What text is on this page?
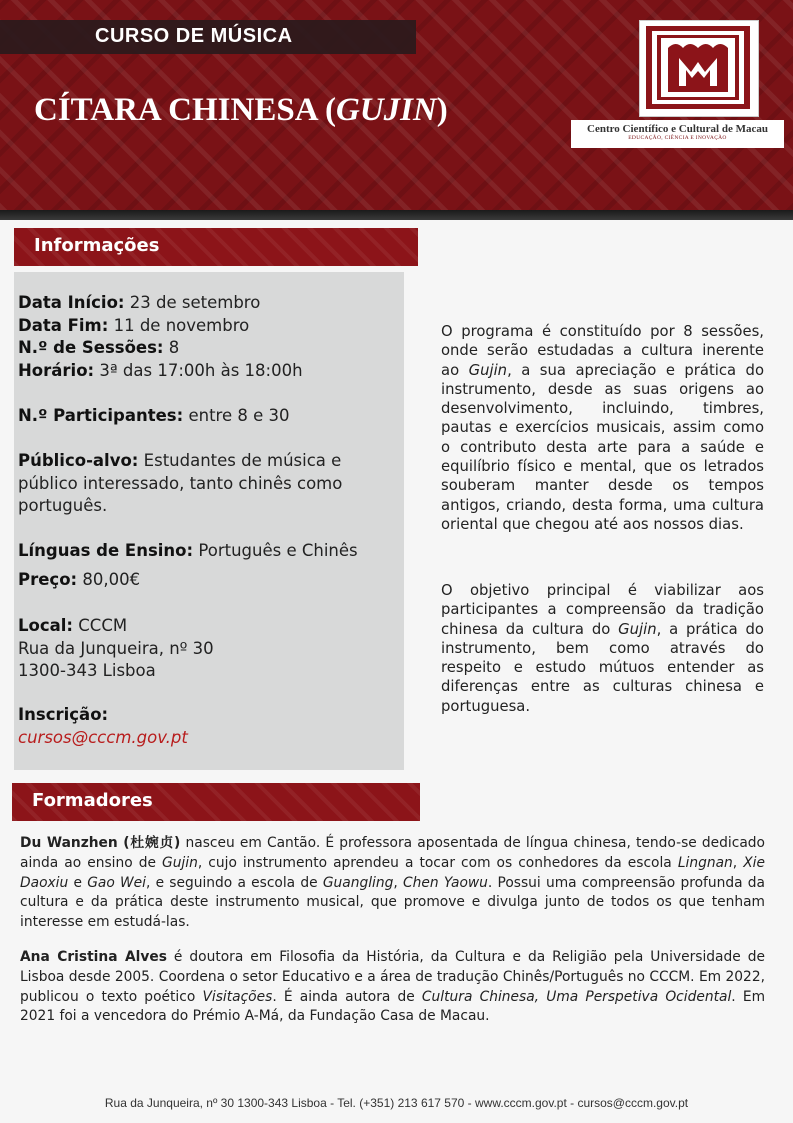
CURSO DE MÚSICA
CÍTARA CHINESA (GUJIN)
Centro Científico e Cultural de Macau
EDUCAÇÃO, CIÊNCIA E INOVAÇÃO
Informações
Data Início: 23 de setembro
Data Fim: 11 de novembro
N.º de Sessões: 8
Horário: 3ª das 17:00h às 18:00h
N.º Participantes: entre 8 e 30
Público-alvo: Estudantes de música e público interessado, tanto chinês como português.
Línguas de Ensino: Português e Chinês
Preço: 80,00€
Local: CCCM
Rua da Junqueira, nº 30
1300-343 Lisboa
Inscrição:
cursos@cccm.gov.pt

O programa é constituído por 8 sessões, onde serão estudadas a cultura inerente ao Gujin, a sua apreciação e prática do instrumento, desde as suas origens ao desenvolvimento, incluindo, timbres, pautas e exercícios musicais, assim como o contributo desta arte para a saúde e equilíbrio físico e mental, que os letrados souberam manter desde os tempos antigos, criando, desta forma, uma cultura oriental que chegou até aos nossos dias.

O objetivo principal é viabilizar aos participantes a compreensão da tradição chinesa da cultura do Gujin, a prática do instrumento, bem como através do respeito e estudo mútuos entender as diferenças entre as culturas chinesa e portuguesa.

Formadores

Du Wanzhen (杜婉贞) nasceu em Cantão. É professora aposentada de língua chinesa, tendo-se dedicado ainda ao ensino de Gujin, cujo instrumento aprendeu a tocar com os conhedores da escola Lingnan, Xie Daoxiu e Gao Wei, e seguindo a escola de Guangling, Chen Yaowu. Possui uma compreensão profunda da cultura e da prática deste instrumento musical, que promove e divulga junto de todos os que tenham interesse em estudá-las.

Ana Cristina Alves é doutora em Filosofia da História, da Cultura e da Religião pela Universidade de Lisboa desde 2005. Coordena o setor Educativo e a área de tradução Chinês/Português no CCCM. Em 2022, publicou o texto poético Visitações. É ainda autora de Cultura Chinesa, Uma Perspetiva Ocidental. Em 2021 foi a vencedora do Prémio A-Má, da Fundação Casa de Macau.

Rua da Junqueira, nº 30 1300-343 Lisboa - Tel. (+351) 213 617 570 - www.cccm.gov.pt - cursos@cccm.gov.pt
